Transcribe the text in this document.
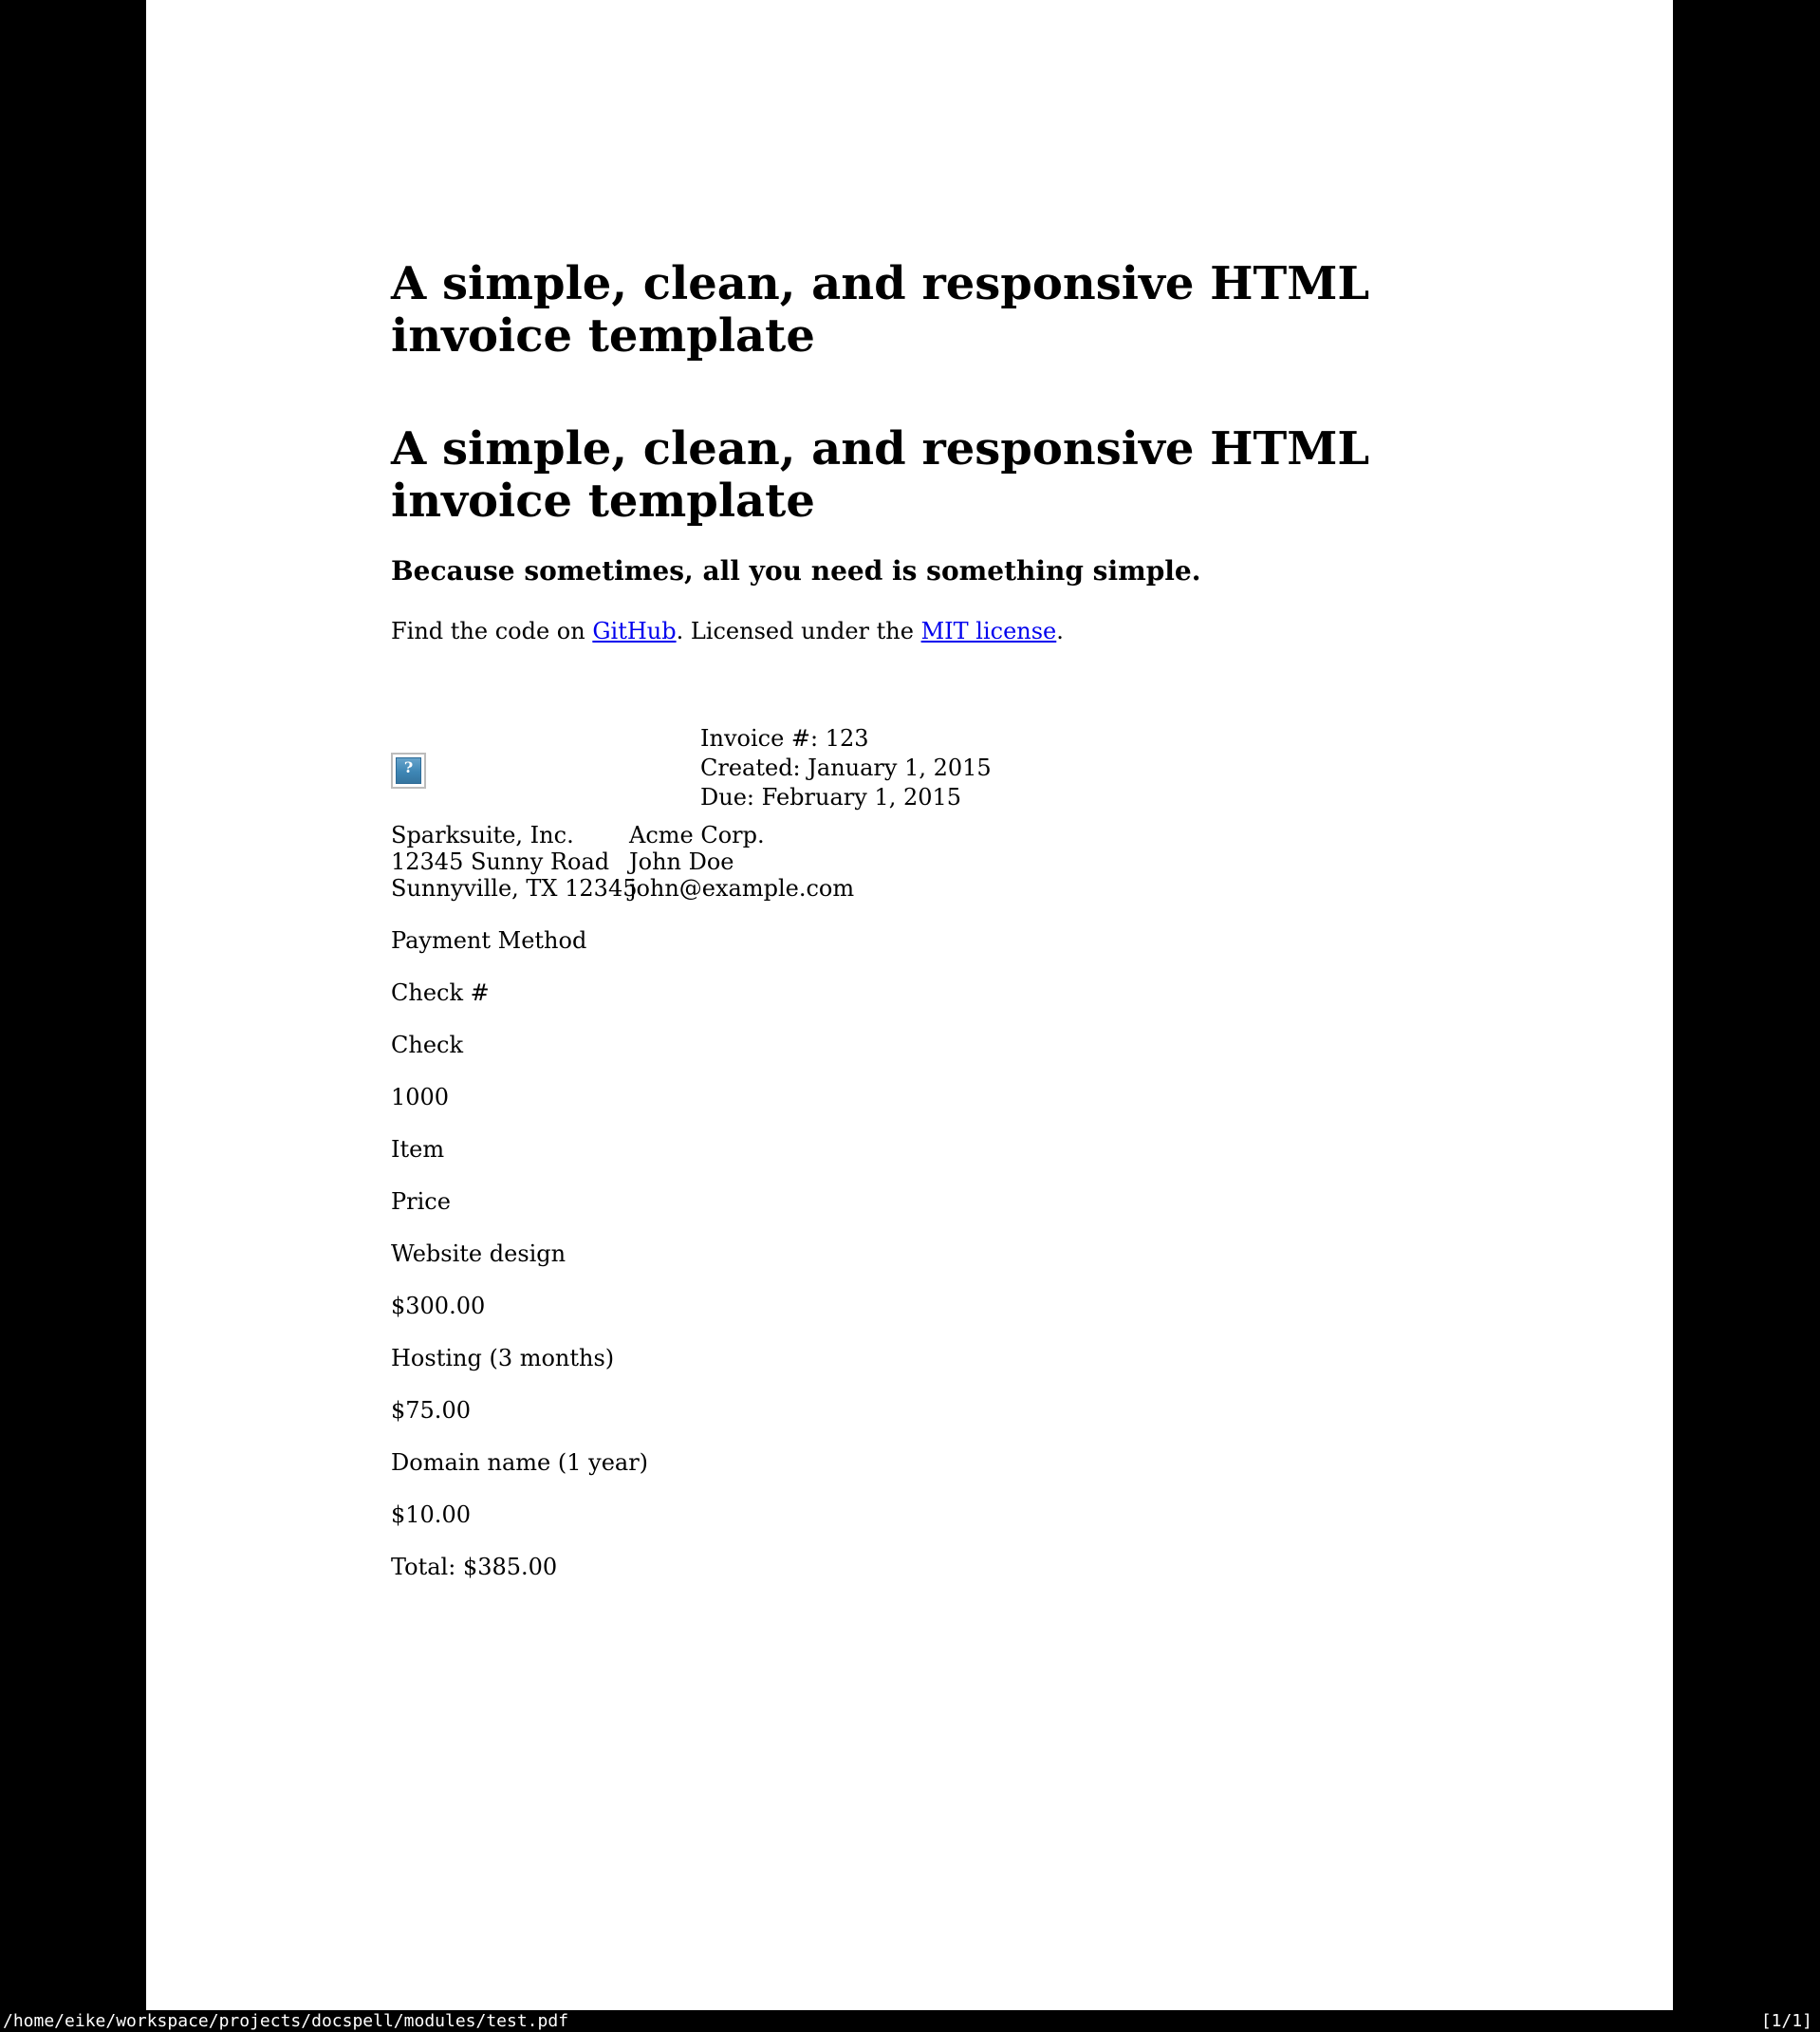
A simple, clean, and responsive HTML
invoice template
A simple, clean, and responsive HTML
invoice template
Because sometimes, all you need is something simple.

Find the code on GitHub. Licensed under the MIT license.

?
Invoice #: 123
Created: January 1, 2015
Due: February 1, 2015
Sparksuite, Inc.
12345 Sunny Road
Sunnyville, TX 12345
Acme Corp.
John Doe
john@example.com

Payment Method

Check #

Check

1000

Item

Price

Website design

$300.00

Hosting (3 months)

$75.00

Domain name (1 year)

$10.00

Total: $385.00

/home/eike/workspace/projects/docspell/modules/test.pdf	[1/1]
